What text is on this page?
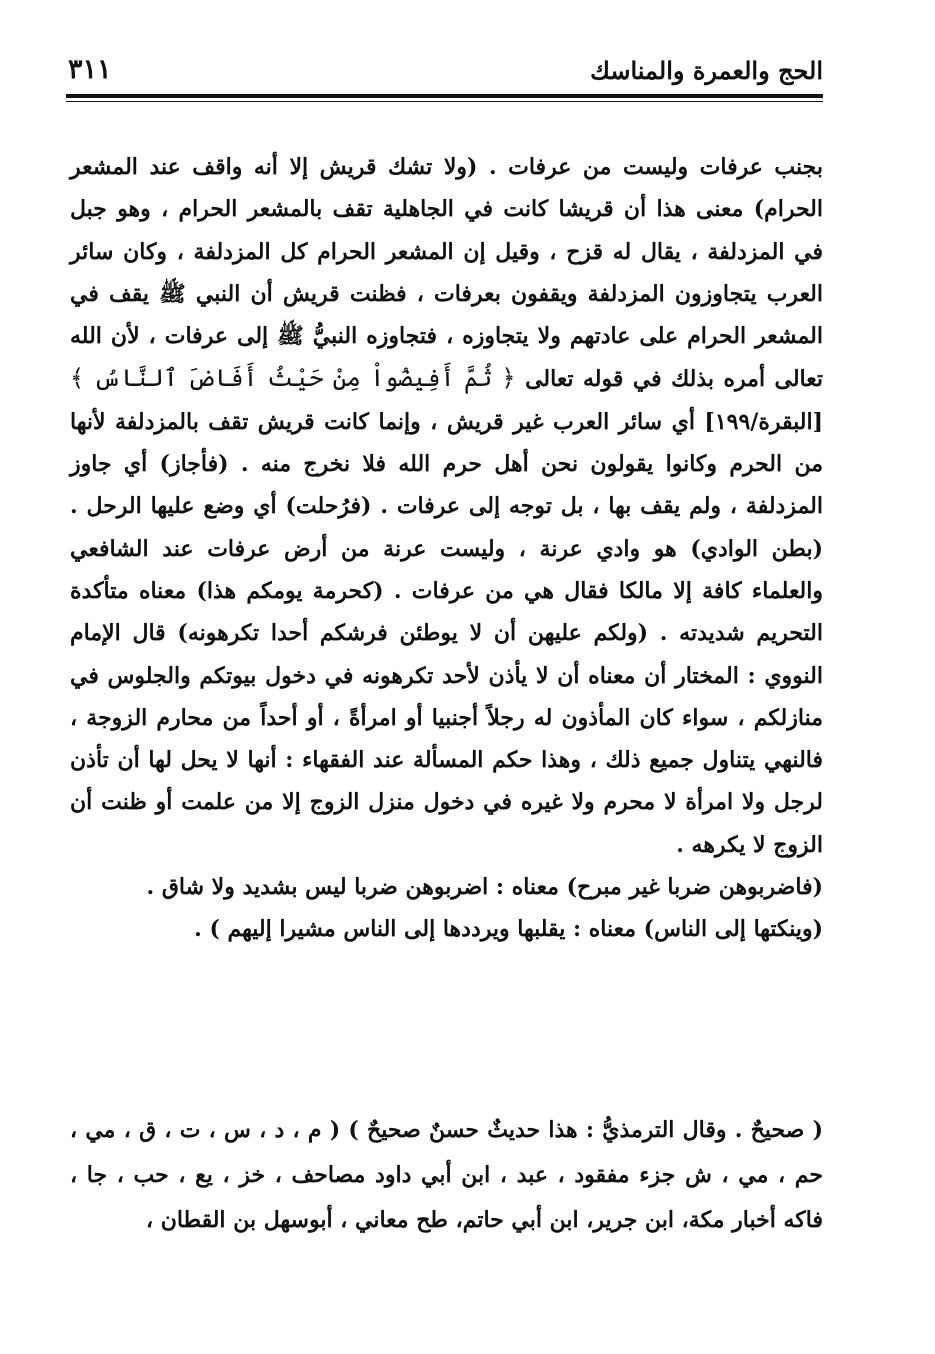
الحج والعمرة والمناسك
٣١١

بجنب عرفات وليست من عرفات . (ولا تشك قريش إلا أنه واقف عند المشعر الحرام) معنى هذا أن قريشا كانت في الجاهلية تقف بالمشعر الحرام ، وهو جبل في المزدلفة ، يقال له قزح ، وقيل إن المشعر الحرام كل المزدلفة ، وكان سائر العرب يتجاوزون المزدلفة ويقفون بعرفات ، فظنت قريش أن النبي ﷺ يقف في المشعر الحرام على عادتهم ولا يتجاوزه ، فتجاوزه النبيُّ ﷺ إلى عرفات ، لأن الله تعالى أمره بذلك في قوله تعالى ﴿ ثُمَّ أَفِيضُواْ مِنْ حَيْثُ أَفَاضَ ٱلنَّاسُ ﴾ [البقرة/١٩٩] أي سائر العرب غير قريش ، وإنما كانت قريش تقف بالمزدلفة لأنها من الحرم وكانوا يقولون نحن أهل حرم الله فلا نخرج منه . (فأجاز) أي جاوز المزدلفة ، ولم يقف بها ، بل توجه إلى عرفات . (فرُحلت) أي وضع عليها الرحل . (بطن الوادي) هو وادي عرنة ، وليست عرنة من أرض عرفات عند الشافعي والعلماء كافة إلا مالكا فقال هي من عرفات . (كحرمة يومكم هذا) معناه متأكدة التحريم شديدته . (ولكم عليهن أن لا يوطئن فرشكم أحدا تكرهونه) قال الإمام النووي : المختار أن معناه أن لا يأذن لأحد تكرهونه في دخول بيوتكم والجلوس في منازلكم ، سواء كان المأذون له رجلاً أجنبيا أو امرأةً ، أو أحداً من محارم الزوجة ، فالنهي يتناول جميع ذلك ، وهذا حكم المسألة عند الفقهاء : أنها لا يحل لها أن تأذن لرجل ولا امرأة لا محرم ولا غيره في دخول منزل الزوج إلا من علمت أو ظنت أن الزوج لا يكرهه .

(فاضربوهن ضربا غير مبرح) معناه : اضربوهن ضربا ليس بشديد ولا شاق .

(وينكتها إلى الناس) معناه : يقلبها ويرددها إلى الناس مشيرا إليهم ) .

( صحيحٌ . وقال الترمذيُّ : هذا حديثٌ حسنٌ صحيحٌ ) ( م ، د ، س ، ت ، ق ، مي ، حم ، مي ، ش جزء مفقود ، عبد ، ابن أبي داود مصاحف ، خز ، يع ، حب ، جا ، فاكه أخبار مكة، ابن جرير، ابن أبي حاتم، طح معاني ، أبوسهل بن القطان ،
